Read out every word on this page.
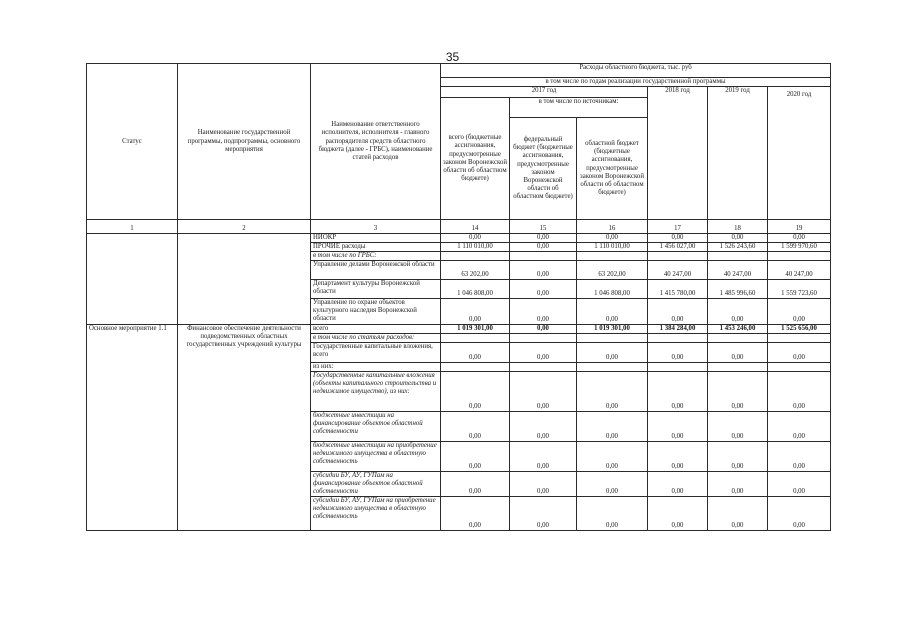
35
Статус	Наименование государственной программы, подпрограммы, основного мероприятия	Наименование ответственного исполнителя, исполнителя - главного распорядителя средств областного бюджета (далее - ГРБС), наименование статей расходов	Расходы областного бюджета, тыс. руб					
			в том числе по годам реализации государственной программы					
			2017 год			2018 год	2019 год	2020 год
			всего (бюджетные ассигнования, предусмотренные законом Воронежской области об областном бюджете)	в том числе по источникам:				
				федеральный бюджет (бюджетные ассигнования, предусмотренные законом Воронежской области об областном бюджете)	областной бюджет (бюджетные ассигнования, предусмотренные законом Воронежской области об областном бюджете)			

1	2	3	14	15	16	17	18	19
		НИОКР	0,00	0,00	0,00	0,00	0,00	0,00
		ПРОЧИЕ расходы	1 110 010,00	0,00	1 110 010,00	1 456 027,00	1 526 243,60	1 599 970,60
		в том числе по ГРБС:						
		Управление делами Воронежской области	63 202,00	0,00	63 202,00	40 247,00	40 247,00	40 247,00
		Департамент культуры Воронежской области	1 046 808,00	0,00	1 046 808,00	1 415 780,00	1 485 996,60	1 559 723,60
		Управление по охране объектов культурного наследия Воронежской области	0,00	0,00	0,00	0,00	0,00	0,00
Основное мероприятие 1.1	Финансовое обеспечение деятельности подведомственных областных государственных учреждений культуры	всего	1 019 301,00	0,00	1 019 301,00	1 384 284,00	1 453 246,00	1 525 656,00
		в том числе по статьям расходов:						
		Государственные капитальные вложения, всего	0,00	0,00	0,00	0,00	0,00	0,00
		из них:						
		Государственные капитальные вложения (объекты капитального строительства и недвижимое имущество), из них:	0,00	0,00	0,00	0,00	0,00	0,00
		бюджетные инвестиции на финансирование объектов областной собственности	0,00	0,00	0,00	0,00	0,00	0,00
		бюджетные инвестиции на приобретение недвижимого имущества в областную собственность	0,00	0,00	0,00	0,00	0,00	0,00
		субсидии БУ, АУ, ГУПам на финансирование объектов областной собственности	0,00	0,00	0,00	0,00	0,00	0,00
		субсидии БУ, АУ, ГУПам на приобретение недвижимого имущества в областную собственность	0,00	0,00	0,00	0,00	0,00	0,00
